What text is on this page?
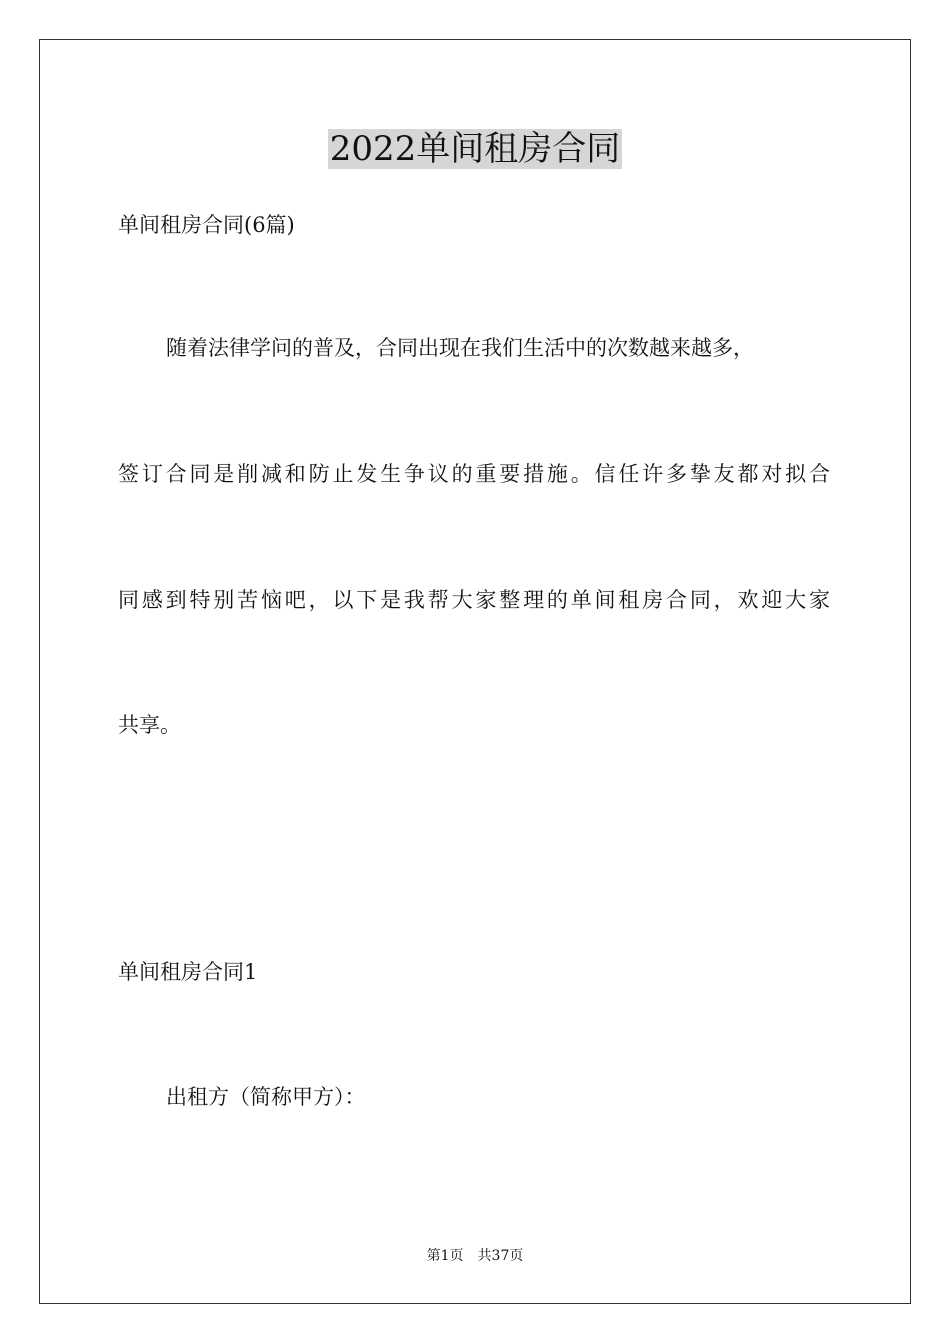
2022单间租房合同
单间租房合同(6篇)
随着法律学问的普及，合同出现在我们生活中的次数越来越多，
签订合同是削减和防止发生争议的重要措施。信任许多挚友都对拟合
同感到特别苦恼吧，以下是我帮大家整理的单间租房合同，欢迎大家
共享。
单间租房合同1
出租方（简称甲方）：
第1页　共37页
